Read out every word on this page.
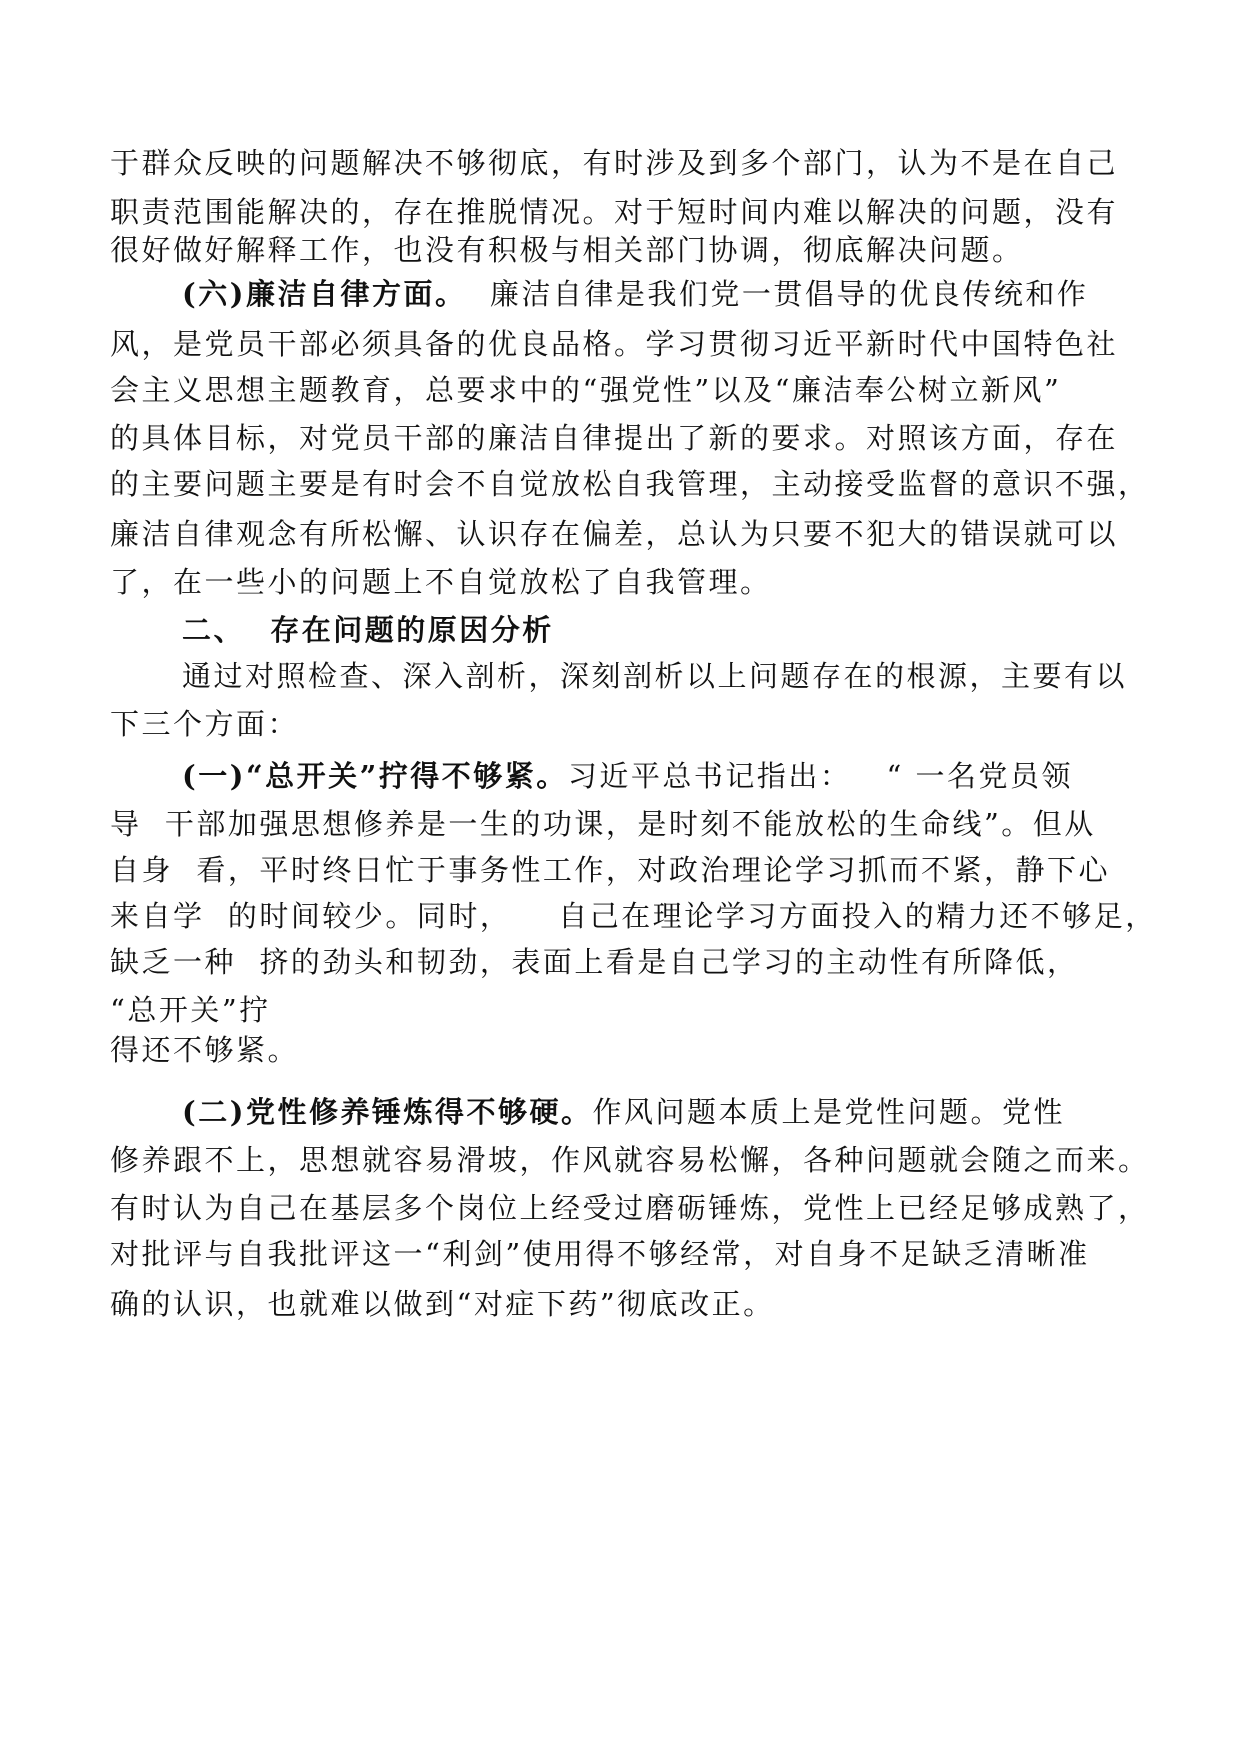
于群众反映的问题解决不够彻底，有时涉及到多个部门，认为不是在自己
职责范围能解决的，存在推脱情况。对于短时间内难以解决的问题，没有
很好做好解释工作，也没有积极与相关部门协调，彻底解决问题。
(六)廉洁自律方面。  廉洁自律是我们党一贯倡导的优良传统和作
风，是党员干部必须具备的优良品格。学习贯彻习近平新时代中国特色社
会主义思想主题教育，总要求中的“强党性”以及“廉洁奉公树立新风”
的具体目标，对党员干部的廉洁自律提出了新的要求。对照该方面，存在
的主要问题主要是有时会不自觉放松自我管理，主动接受监督的意识不强，
廉洁自律观念有所松懈、认识存在偏差，总认为只要不犯大的错误就可以
了，在一些小的问题上不自觉放松了自我管理。
二、  存在问题的原因分析
通过对照检查、深入剖析，深刻剖析以上问题存在的根源，主要有以
下三个方面：
(一)“总开关”拧得不够紧。习近平总书记指出：   “ 一名党员领
导  干部加强思想修养是一生的功课，是时刻不能放松的生命线”。但从
自身  看，平时终日忙于事务性工作，对政治理论学习抓而不紧，静下心
来自学  的时间较少。同时，    自己在理论学习方面投入的精力还不够足，
缺乏一种  挤的劲头和韧劲，表面上看是自己学习的主动性有所降低，
“总开关”拧
得还不够紧。
(二)党性修养锤炼得不够硬。作风问题本质上是党性问题。党性
修养跟不上，思想就容易滑坡，作风就容易松懈，各种问题就会随之而来。
有时认为自己在基层多个岗位上经受过磨砺锤炼，党性上已经足够成熟了，
对批评与自我批评这一“利剑”使用得不够经常，对自身不足缺乏清晰准
确的认识，也就难以做到“对症下药”彻底改正。
